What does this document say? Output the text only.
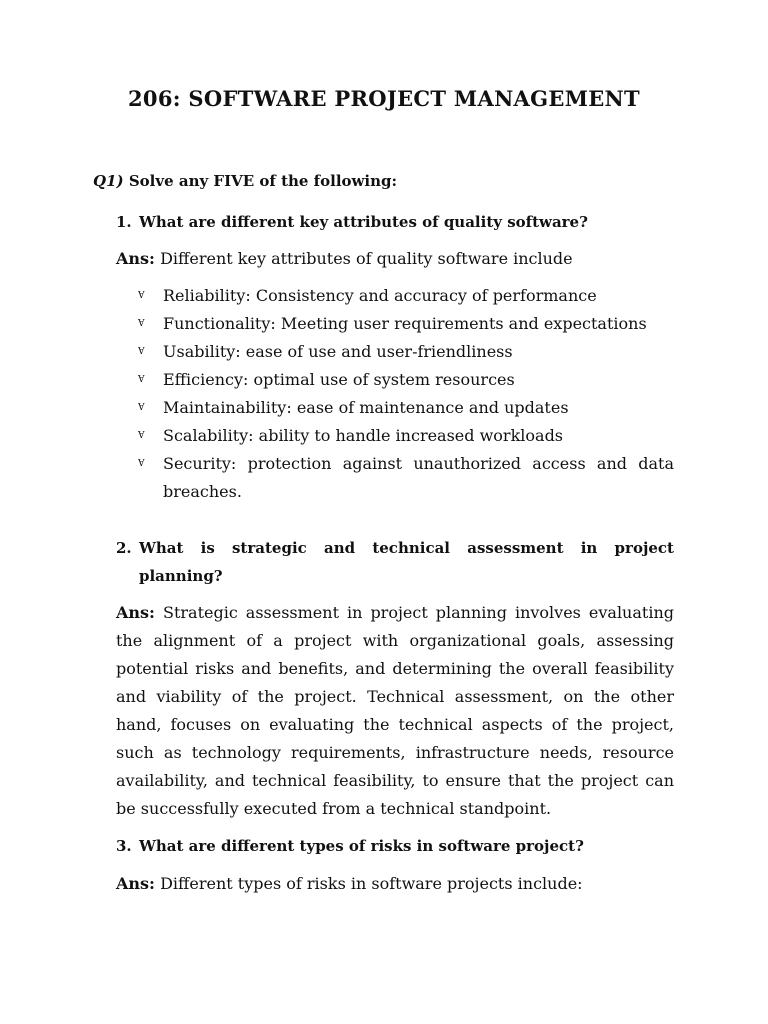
206: SOFTWARE PROJECT MANAGEMENT

Q1) Solve any FIVE of the following:

1. What are different key attributes of quality software?

Ans: Different key attributes of quality software include

Ɐ Reliability: Consistency and accuracy of performance
Ɐ Functionality: Meeting user requirements and expectations
Ɐ Usability: ease of use and user-friendliness
Ɐ Efficiency: optimal use of system resources
Ɐ Maintainability: ease of maintenance and updates
Ɐ Scalability: ability to handle increased workloads
Ɐ Security: protection against unauthorized access and data breaches.
2. What is strategic and technical assessment in project planning?

Ans: Strategic assessment in project planning involves evaluating the alignment of a project with organizational goals, assessing potential risks and benefits, and determining the overall feasibility and viability of the project. Technical assessment, on the other hand, focuses on evaluating the technical aspects of the project, such as technology requirements, infrastructure needs, resource availability, and technical feasibility, to ensure that the project can be successfully executed from a technical standpoint.

3. What are different types of risks in software project?

Ans: Different types of risks in software projects include:
